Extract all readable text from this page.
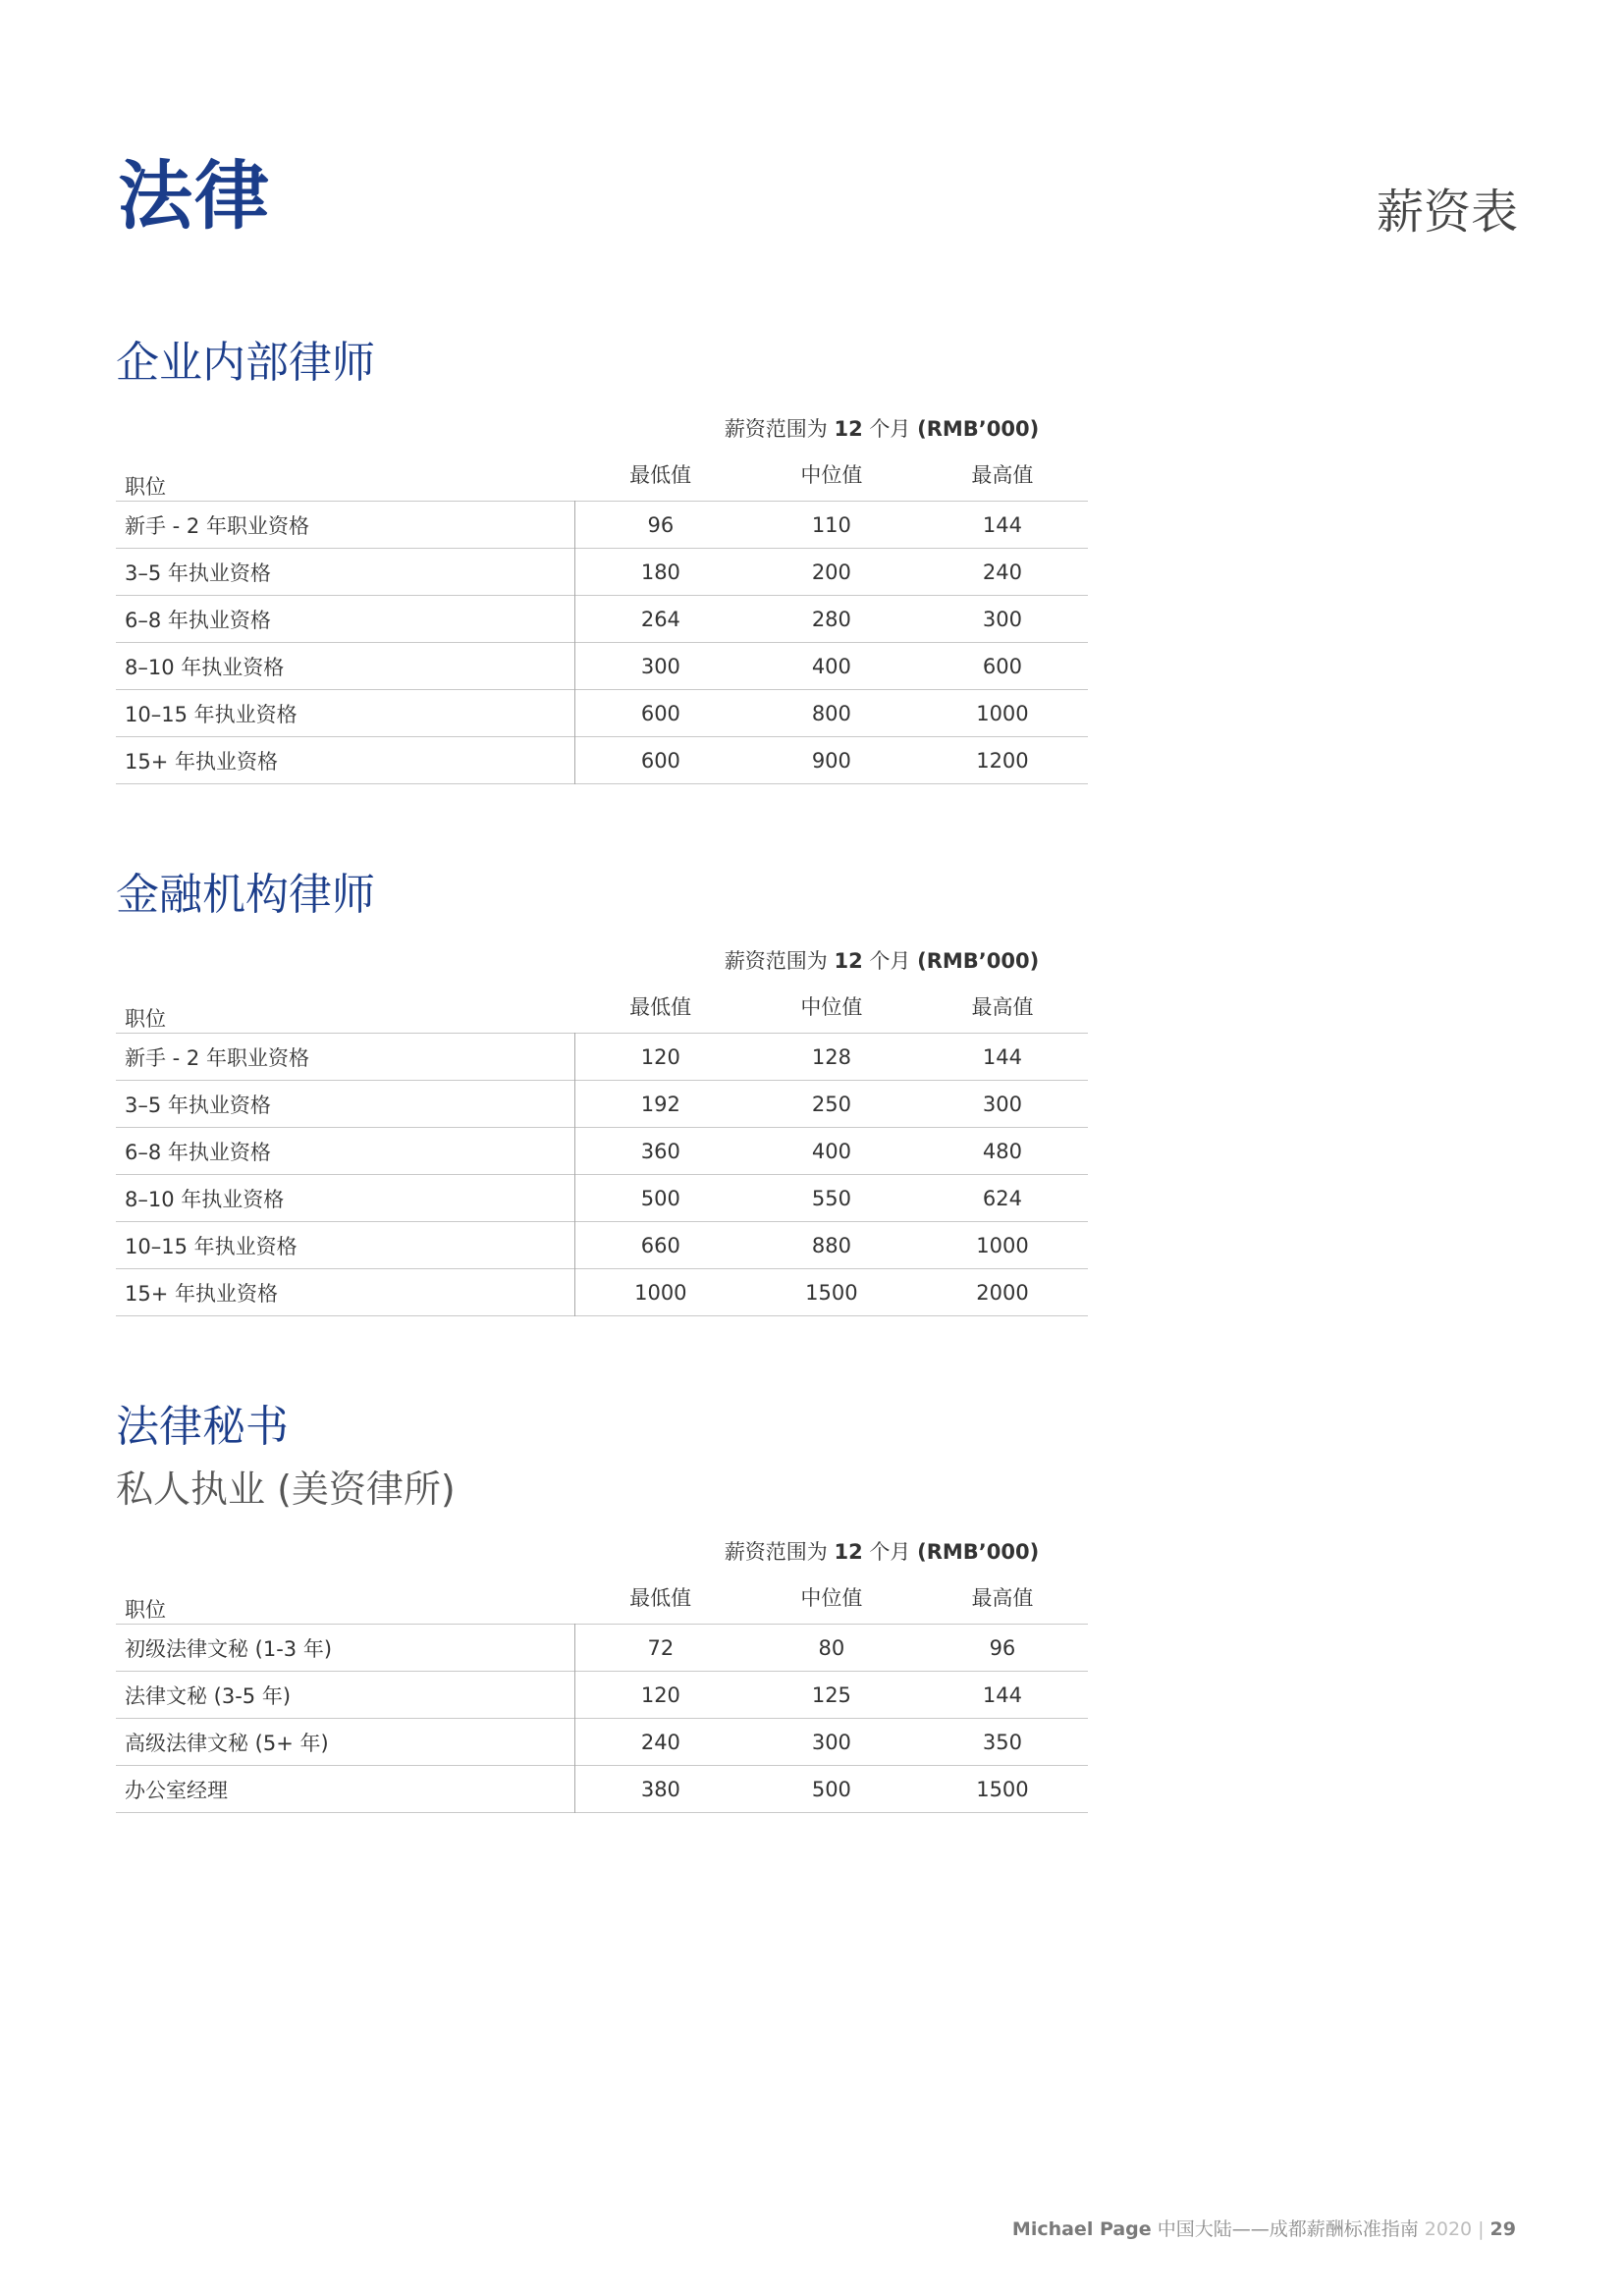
法律	薪资表
企业内部律师
薪资范围为 12 个月 (RMB’000)
职位	最低值	中位值	最高值
新手 - 2 年职业资格	96	110	144
3–5 年执业资格	180	200	240
6–8 年执业资格	264	280	300
8–10 年执业资格	300	400	600
10–15 年执业资格	600	800	1000
15+ 年执业资格	600	900	1200
金融机构律师
薪资范围为 12 个月 (RMB’000)
职位	最低值	中位值	最高值
新手 - 2 年职业资格	120	128	144
3–5 年执业资格	192	250	300
6–8 年执业资格	360	400	480
8–10 年执业资格	500	550	624
10–15 年执业资格	660	880	1000
15+ 年执业资格	1000	1500	2000
法律秘书
私人执业 (美资律所)
薪资范围为 12 个月 (RMB’000)
职位	最低值	中位值	最高值
初级法律文秘 (1-3 年)	72	80	96
法律文秘 (3-5 年)	120	125	144
高级法律文秘 (5+ 年)	240	300	350
办公室经理	380	500	1500
Michael Page 中国大陆——成都薪酬标准指南 2020 | 29
